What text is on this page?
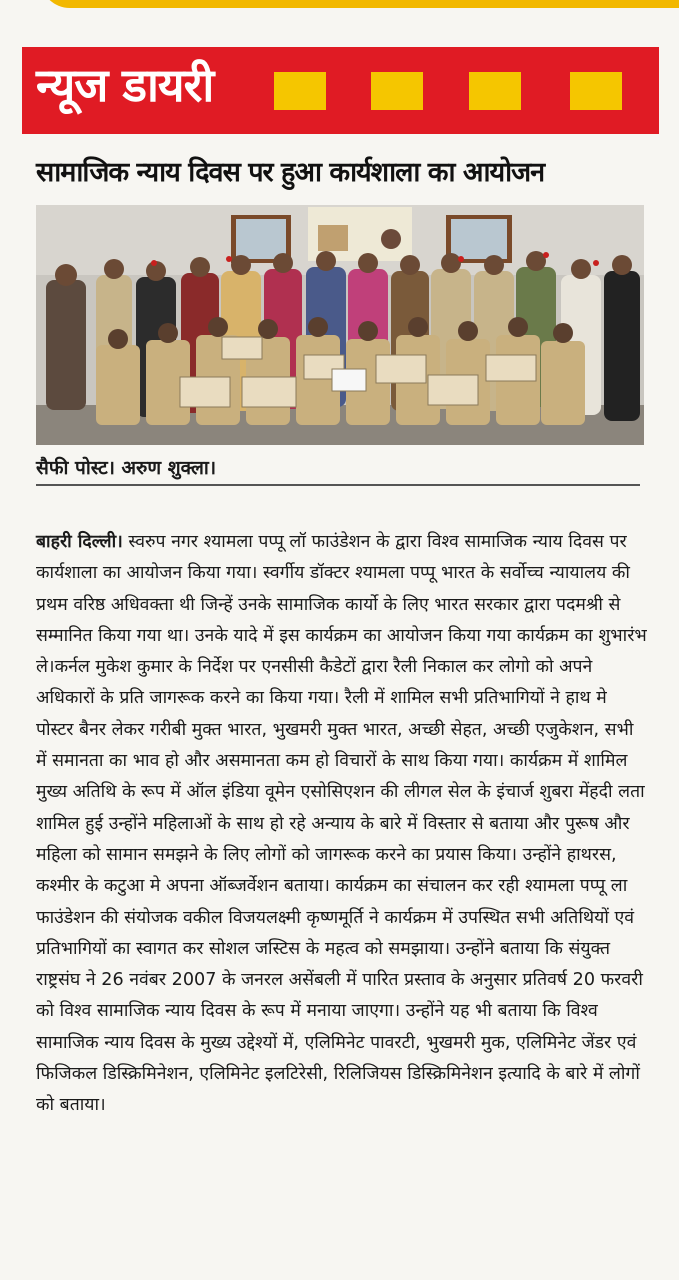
न्यूज डायरी
सामाजिक न्याय दिवस पर हुआ कार्यशाला का आयोजन
सैफी पोस्ट। अरुण शुक्ला।
बाहरी दिल्ली। स्वरुप नगर श्यामला पप्पू लॉ फाउंडेशन के द्वारा विश्व सामाजिक न्याय दिवस पर कार्यशाला का आयोजन किया गया। स्वर्गीय डॉक्टर श्यामला पप्पू भारत के सर्वोच्च न्यायालय की प्रथम वरिष्ठ अधिवक्ता थी जिन्हें उनके सामाजिक कार्यो के लिए भारत सरकार द्वारा पदमश्री से सम्मानित किया गया था। उनके यादे में इस कार्यक्रम का आयोजन किया गया कार्यक्रम का शुभारंभ ले।कर्नल मुकेश कुमार के निर्देश पर एनसीसी कैडेटों द्वारा रैली निकाल कर लोगो को अपने अधिकारों के प्रति जागरूक करने का किया गया। रैली में शामिल सभी प्रतिभागियों ने हाथ मे पोस्टर बैनर लेकर गरीबी मुक्त भारत, भुखमरी मुक्त भारत, अच्छी सेहत, अच्छी एजुकेशन, सभी में समानता का भाव हो और असमानता कम हो विचारों के साथ किया गया। कार्यक्रम में शामिल मुख्य अतिथि के रूप में ऑल इंडिया वूमेन एसोसिएशन की लीगल सेल के इंचार्ज शुबरा मेंहदी लता शामिल हुई उन्होंने महिलाओं के साथ हो रहे अन्याय के बारे में विस्तार से बताया और पुरूष और महिला को सामान समझने के लिए लोगों को जागरूक करने का प्रयास किया। उन्होंने हाथरस, कश्मीर के कटुआ मे अपना ऑब्जर्वेशन बताया। कार्यक्रम का संचालन कर रही श्यामला पप्पू ला फाउंडेशन की संयोजक वकील विजयलक्ष्मी कृष्णमूर्ति ने कार्यक्रम में उपस्थित सभी अतिथियों एवं प्रतिभागियों का स्वागत कर सोशल जस्टिस के महत्व को समझाया। उन्होंने बताया कि संयुक्त राष्ट्रसंघ ने 26 नवंबर 2007 के जनरल असेंबली में पारित प्रस्ताव के अनुसार प्रतिवर्ष 20 फरवरी को विश्व सामाजिक न्याय दिवस के रूप में मनाया जाएगा। उन्होंने यह भी बताया कि विश्व सामाजिक न्याय दिवस के मुख्य उद्देश्यों में, एलिमिनेट पावरटी, भुखमरी मुक, एलिमिनेट जेंडर एवं फिजिकल डिस्क्रिमिनेशन, एलिमिनेट इलटिरेसी, रिलिजियस डिस्क्रिमिनेशन इत्यादि के बारे में लोगों को बताया।
